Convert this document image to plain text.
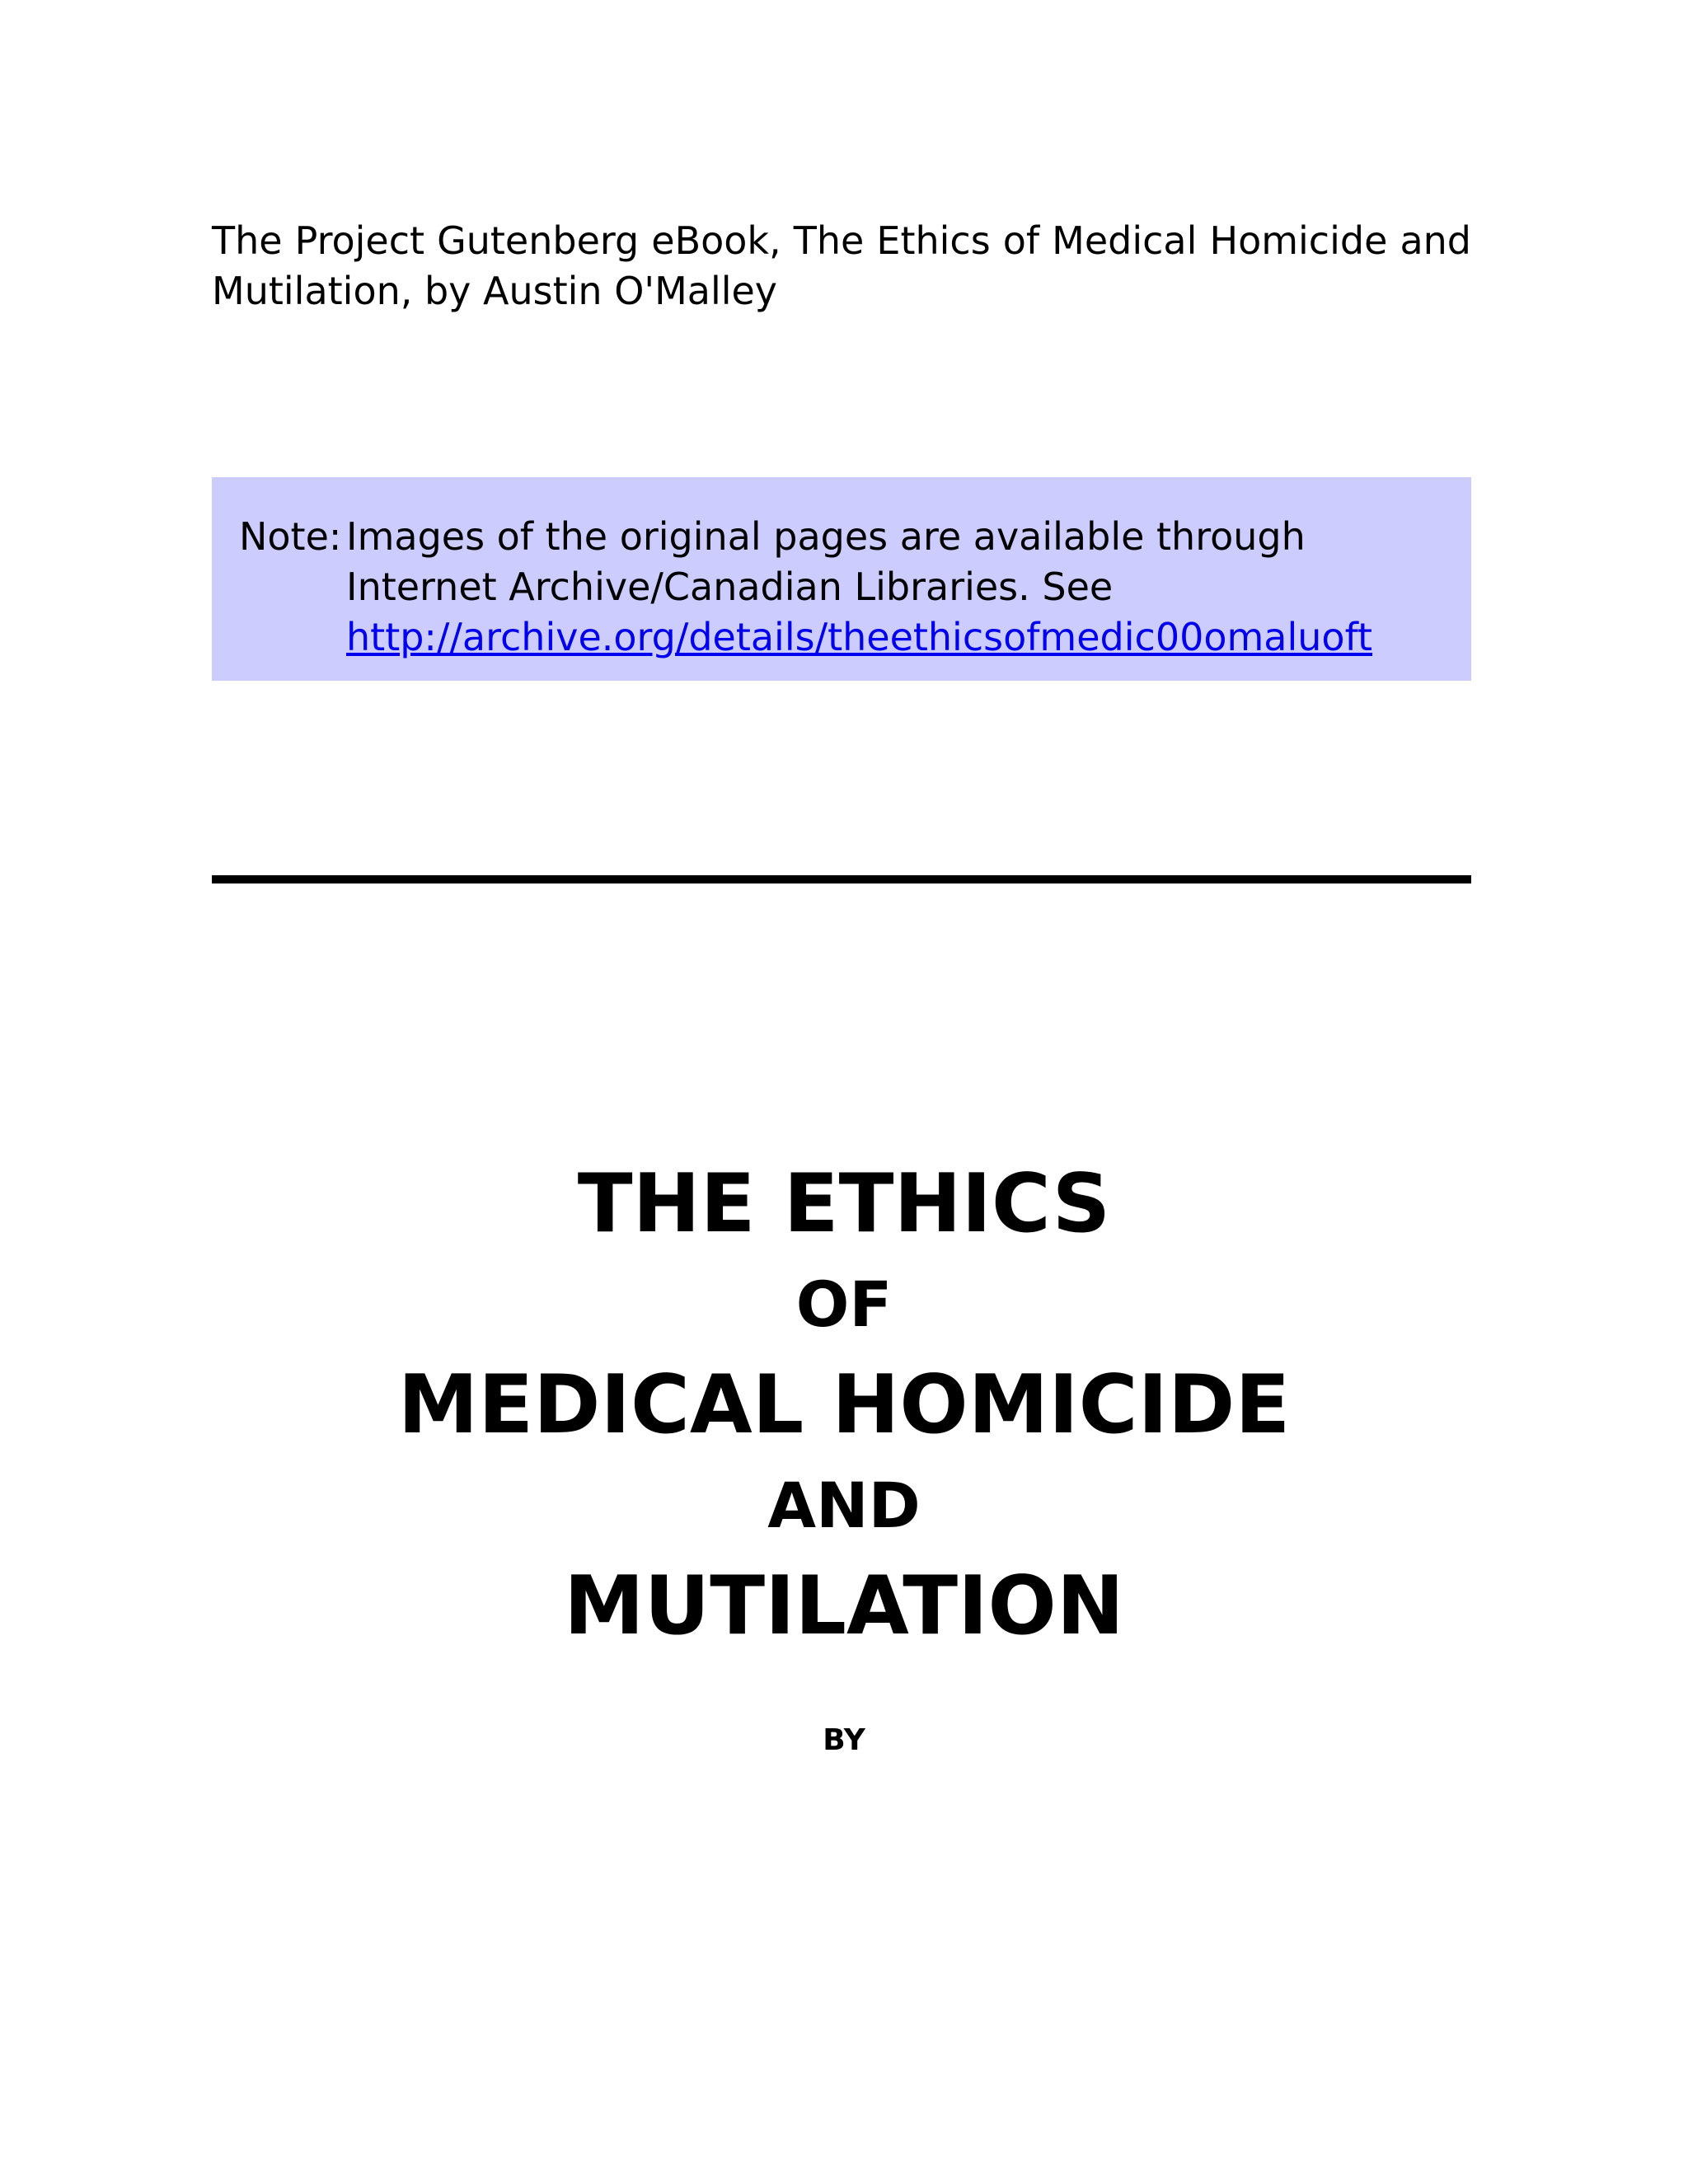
The Project Gutenberg eBook, The Ethics of Medical Homicide and Mutilation, by Austin O'Malley

Note: Images of the original pages are available through Internet Archive/Canadian Libraries. See
http://archive.org/details/theethicsofmedic00omaluoft
THE ETHICS
OF
MEDICAL HOMICIDE
AND
MUTILATION
BY
